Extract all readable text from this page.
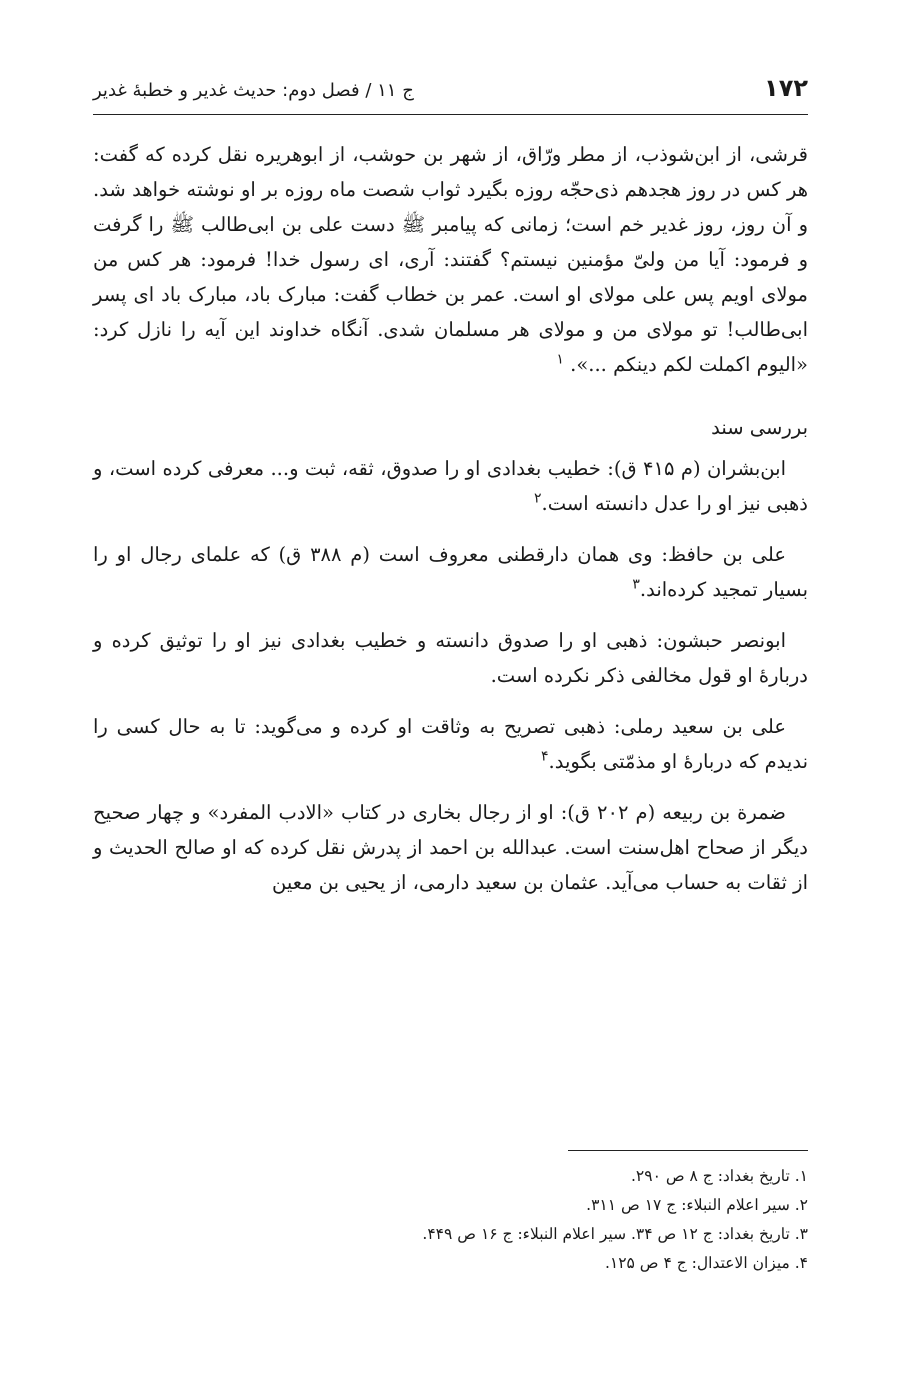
۱۷۲
ج ۱۱ / فصل دوم: حدیث غدیر و خطبهٔ غدیر

قرشی، از ابن‌شوذب، از مطر ورّاق، از شهر بن حوشب، از ابوهریره نقل کرده که گفت: هر کس در روز هجدهم ذی‌حجّه روزه بگیرد ثواب شصت ماه روزه بر او نوشته خواهد شد. و آن روز، روز غدیر خم است؛ زمانی که پیامبر ﷺ دست علی بن ابی‌طالب ﷺ را گرفت و فرمود: آیا من ولیّ مؤمنین نیستم؟ گفتند: آری، ای رسول خدا! فرمود: هر کس من مولای اویم پس علی مولای او است. عمر بن خطاب گفت: مبارک باد، مبارک باد ای پسر ابی‌طالب! تو مولای من و مولای هر مسلمان شدی. آنگاه خداوند این آیه را نازل کرد: «الیوم اکملت لکم دینکم ...». $^۱$

بررسی سند

ابن‌بشران (م ۴۱۵ ق): خطیب بغدادی او را صدوق، ثقه، ثبت و... معرفی کرده است، و ذهبی نیز او را عدل دانسته است.$^۲$

علی بن حافظ: وی همان دارقطنی معروف است (م ۳۸۸ ق) که علمای رجال او را بسیار تمجید کرده‌اند.$^۳$

ابونصر حبشون: ذهبی او را صدوق دانسته و خطیب بغدادی نیز او را توثیق کرده و دربارهٔ او قول مخالفی ذکر نکرده است.

علی بن سعید رملی: ذهبی تصریح به وثاقت او کرده و می‌گوید: تا به حال کسی را ندیدم که دربارهٔ او مذمّتی بگوید.$^۴$

ضمرة بن ربیعه (م ۲۰۲ ق): او از رجال بخاری در کتاب «الادب المفرد» و چهار صحیح دیگر از صحاح اهل‌سنت است. عبدالله بن احمد از پدرش نقل کرده که او صالح الحدیث و از ثقات به حساب می‌آید. عثمان بن سعید دارمی، از یحیی بن معین

۱. تاریخ بغداد: ج ۸ ص ۲۹۰.

۲. سیر اعلام النبلاء: ج ۱۷ ص ۳۱۱.

۳. تاریخ بغداد: ج ۱۲ ص ۳۴. سیر اعلام النبلاء: ج ۱۶ ص ۴۴۹.

۴. میزان الاعتدال: ج ۴ ص ۱۲۵.
